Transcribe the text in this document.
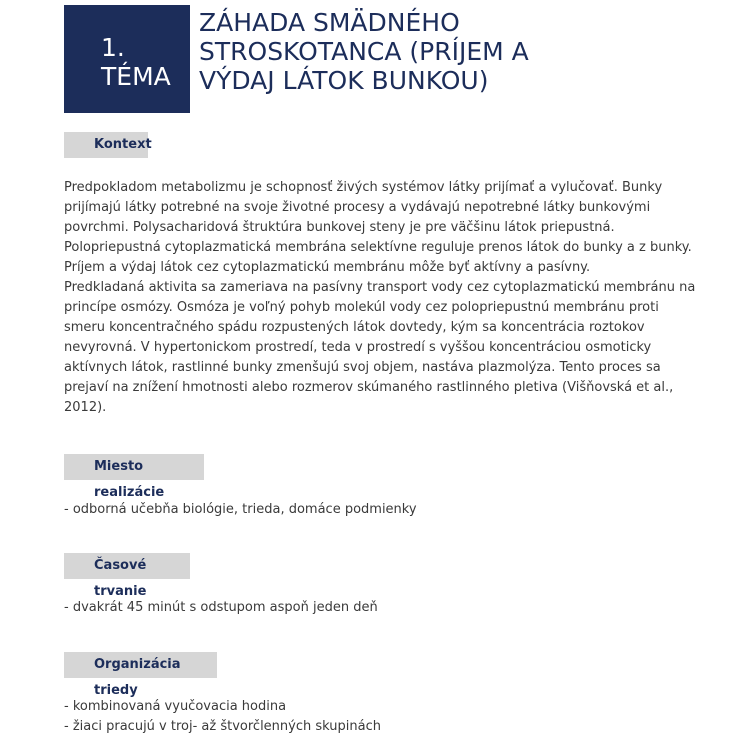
1.
TÉMA
ZÁHADA SMÄDNÉHO
STROSKOTANCA (PRÍJEM A
VÝDAJ LÁTOK BUNKOU)
Kontext
Predpokladom metabolizmu je schopnosť živých systémov látky prijímať a vylučovať. Bunky
prijímajú látky potrebné na svoje životné procesy a vydávajú nepotrebné látky bunkovými
povrchmi. Polysacharidová štruktúra bunkovej steny je pre väčšinu látok priepustná.
Polopriepustná cytoplazmatická membrána selektívne reguluje prenos látok do bunky a z bunky.
Príjem a výdaj látok cez cytoplazmatickú membránu môže byť aktívny a pasívny.
Predkladaná aktivita sa zameriava na pasívny transport vody cez cytoplazmatickú membránu na
princípe osmózy. Osmóza je voľný pohyb molekúl vody cez polopriepustnú membránu proti
smeru koncentračného spádu rozpustených látok dovtedy, kým sa koncentrácia roztokov
nevyrovná. V hypertonickom prostredí, teda v prostredí s vyššou koncentráciou osmoticky
aktívnych látok, rastlinné bunky zmenšujú svoj objem, nastáva plazmolýza. Tento proces sa
prejaví na znížení hmotnosti alebo rozmerov skúmaného rastlinného pletiva (Višňovská et al.,
2012).
Miesto realizácie
- odborná učebňa biológie, trieda, domáce podmienky
Časové trvanie
- dvakrát 45 minút s odstupom aspoň jeden deň
Organizácia triedy
- kombinovaná vyučovacia hodina
- žiaci pracujú v troj- až štvorčlenných skupinách
